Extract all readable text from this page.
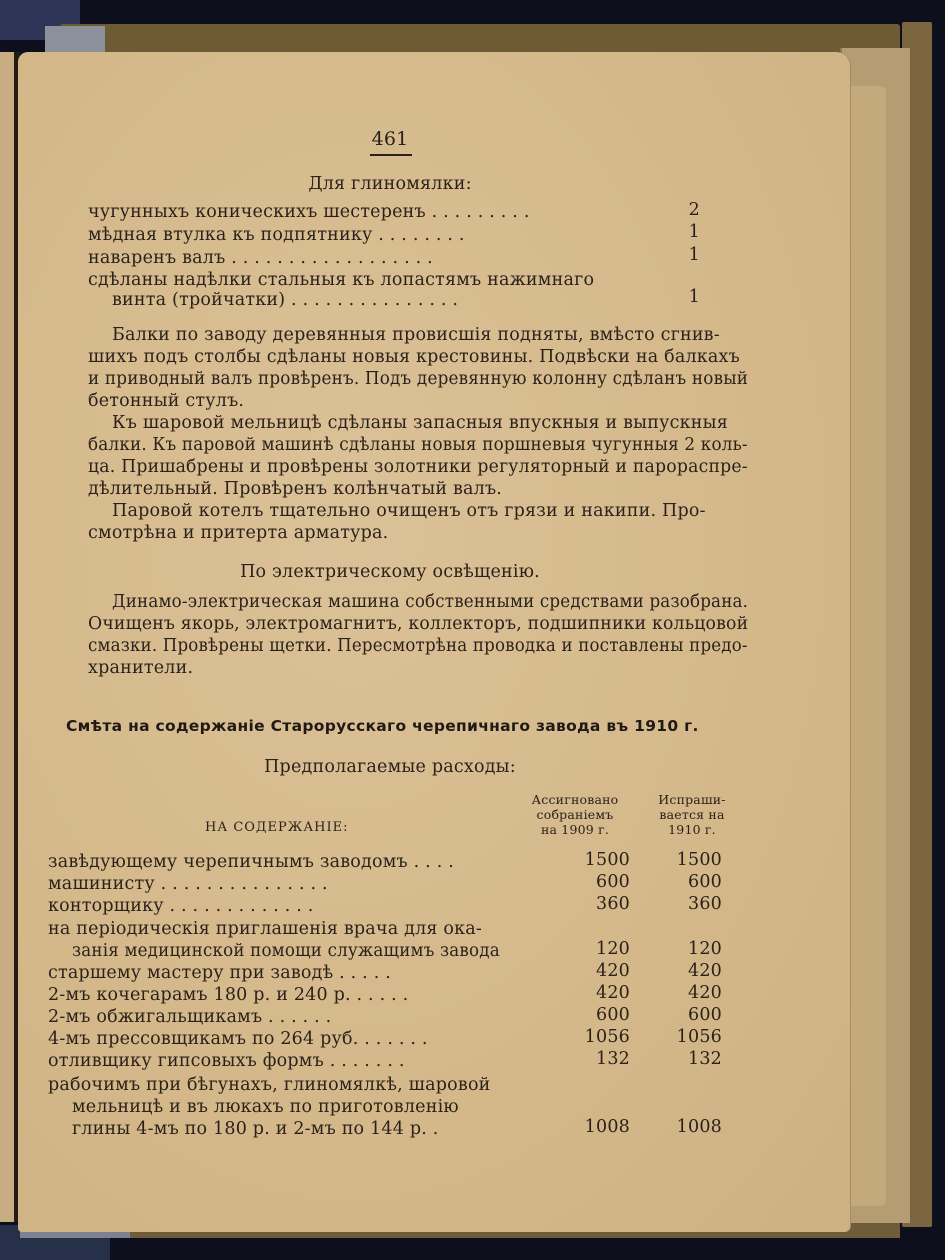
461
Для глиномялки:
чугунныхъ коническихъ шестеренъ . . . . . . . . .	2
мѣдная втулка къ подпятнику . . . . . . . .	1
наваренъ валъ . . . . . . . . . . . . . . . . . .	1
сдѣланы надѣлки стальныя къ лопастямъ нажимнаго
винта (тройчатки) . . . . . . . . . . . . . . .	1
Балки по заводу деревянныя провисшія подняты, вмѣсто сгнив-
шихъ подъ столбы сдѣланы новыя крестовины. Подвѣски на балкахъ
и приводный валъ провѣренъ. Подъ деревянную колонну сдѣланъ новый
бетонный стулъ.
Къ шаровой мельницѣ сдѣланы запасныя впускныя и выпускныя
балки. Къ паровой машинѣ сдѣланы новыя поршневыя чугунныя 2 коль-
ца. Пришабрены и провѣрены золотники регуляторный и парораспре-
дѣлительный. Провѣренъ колѣнчатый валъ.
Паровой котелъ тщательно очищенъ отъ грязи и накипи. Про-
смотрѣна и притерта арматура.
По электрическому освѣщенію.
Динамо-электрическая машина собственными средствами разобрана.
Очищенъ якорь, электромагнитъ, коллекторъ, подшипники кольцовой
смазки. Провѣрены щетки. Пересмотрѣна проводка и поставлены предо-
хранители.
Смѣта на содержаніе Старорусскаго черепичнаго завода въ 1910 г.
Предполагаемые расходы:
НА СОДЕРЖАНІЕ:
Ассигновано
собраніемъ
на 1909 г.
Испраши-
вается на
1910 г.
завѣдующему черепичнымъ заводомъ . . . .	1500	1500
машинисту . . . . . . . . . . . . . . .	600	600
конторщику . . . . . . . . . . . . .	360	360
на періодическія приглашенія врача для ока-
занія медицинской помощи служащимъ завода	120	120
старшему мастеру при заводѣ . . . . .	420	420
2-мъ кочегарамъ 180 р. и 240 р. . . . . .	420	420
2-мъ обжигальщикамъ . . . . . .	600	600
4-мъ прессовщикамъ по 264 руб. . . . . . .	1056	1056
отливщику гипсовыхъ формъ . . . . . . .	132	132
рабочимъ при бѣгунахъ, глиномялкѣ, шаровой
мельницѣ и въ люкахъ по приготовленію
глины 4-мъ по 180 р. и 2-мъ по 144 р. .	1008	1008
